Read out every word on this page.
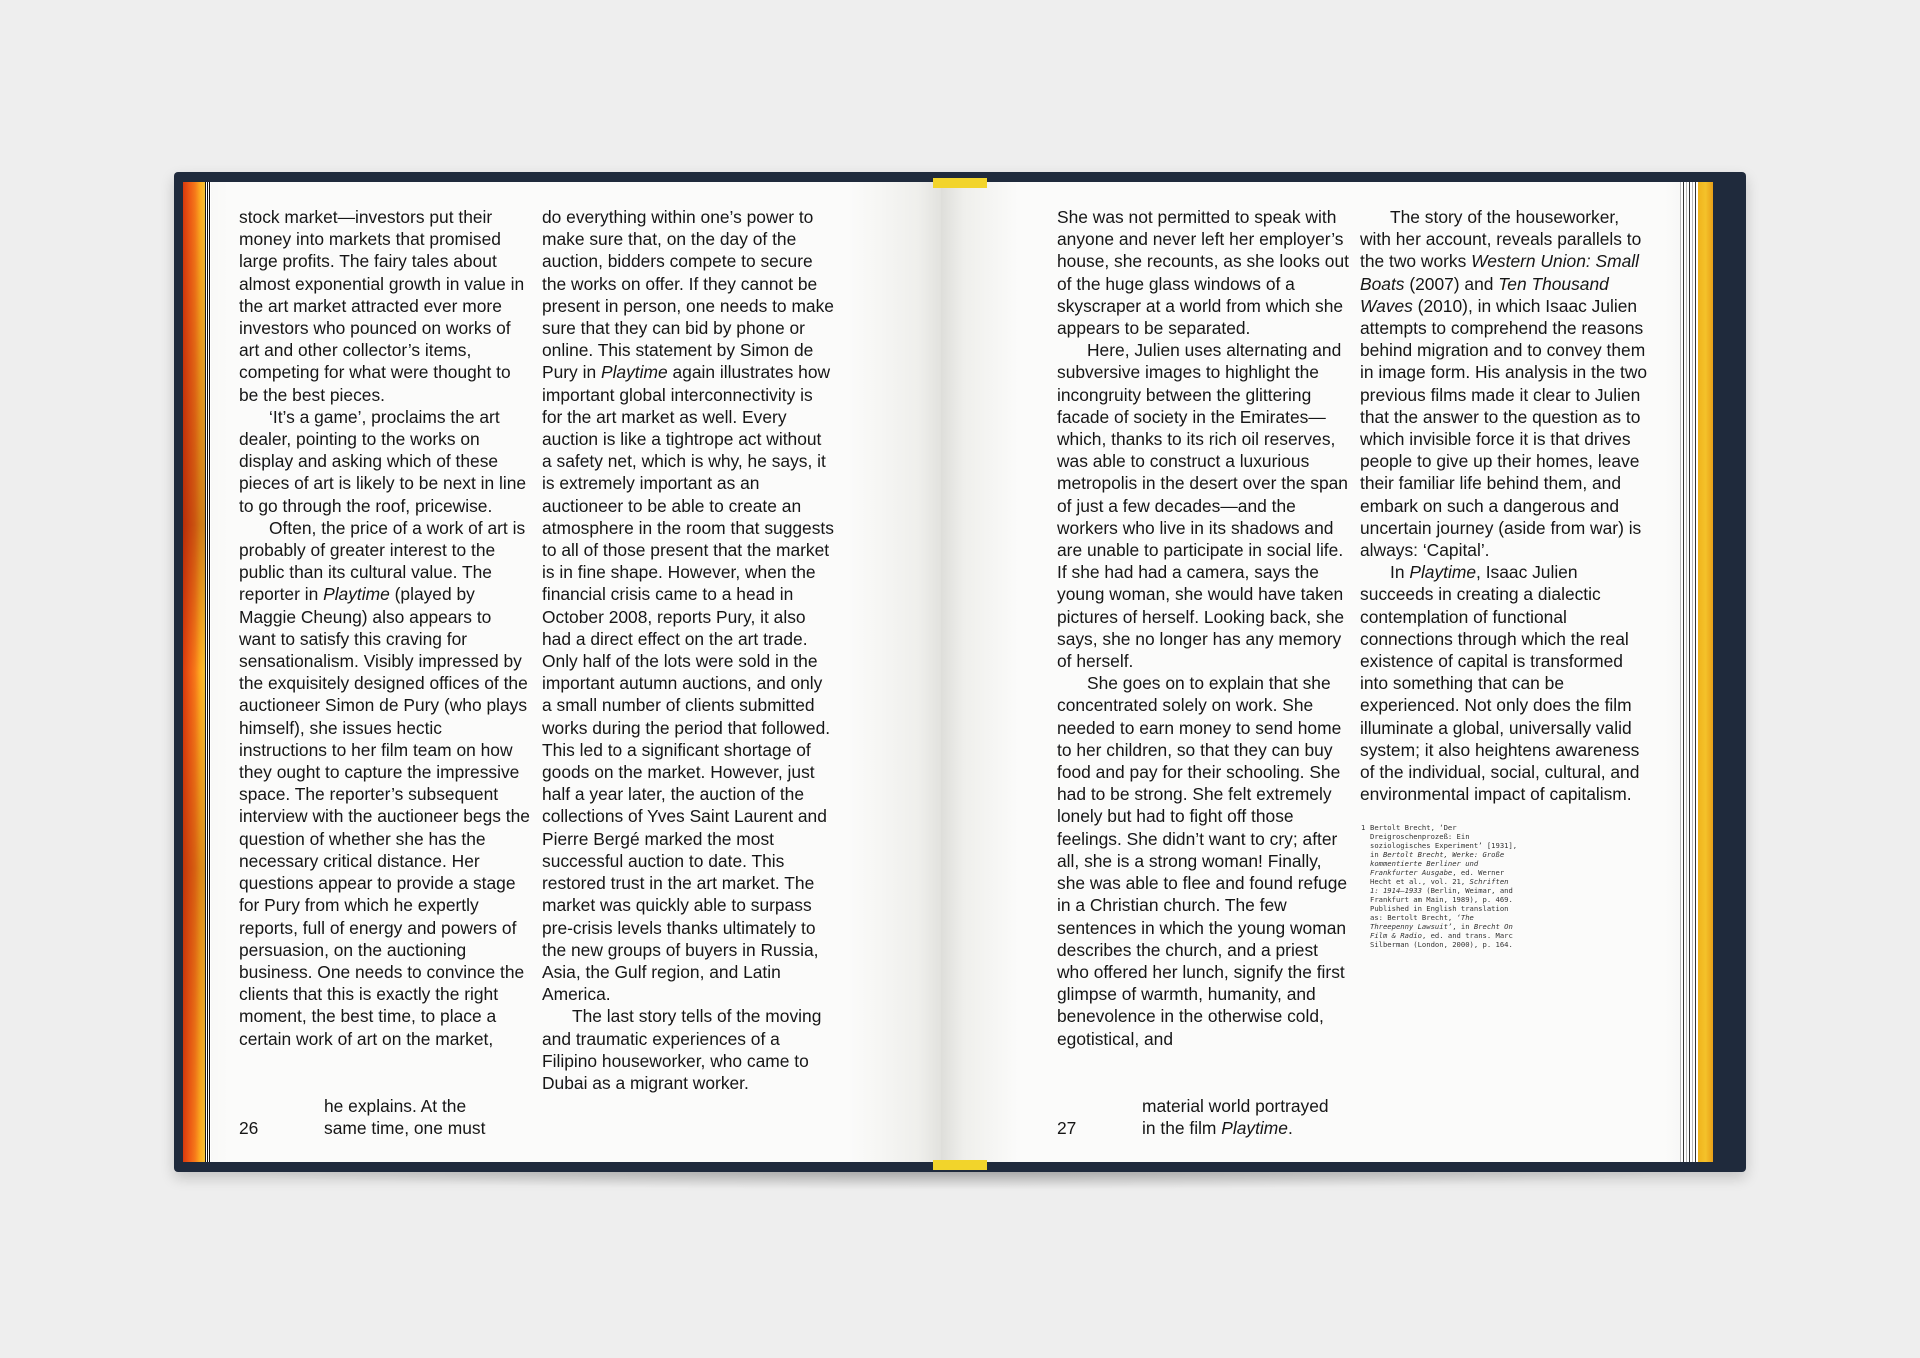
stock market—investors put their money into markets that promised large profits. The fairy tales about almost exponential growth in value in the art market attracted ever more investors who pounced on works of art and other collector’s items, competing for what were thought to be the best pieces.

‘It’s a game’, proclaims the art dealer, pointing to the works on display and asking which of these pieces of art is likely to be next in line to go through the roof, pricewise.

Often, the price of a work of art is probably of greater interest to the public than its cultural value. The reporter in Playtime (played by Maggie Cheung) also appears to want to satisfy this craving for sensationalism. Visibly impressed by the exquisitely designed offices of the auctioneer Simon de Pury (who plays himself), she issues hectic instructions to her film team on how they ought to capture the impressive space. The reporter’s subsequent interview with the auctioneer begs the question of whether she has the necessary critical distance. Her questions appear to provide a stage for Pury from which he expertly reports, full of energy and powers of persuasion, on the auctioning business. One needs to convince the clients that this is exactly the right moment, the best time, to place a certain work of art on the market,

he explains. At the
same time, one must
26

do everything within one’s power to make sure that, on the day of the auction, bidders compete to secure the works on offer. If they cannot be present in person, one needs to make sure that they can bid by phone or online. This statement by Simon de Pury in Playtime again illustrates how important global interconnectivity is for the art market as well. Every auction is like a tightrope act without a safety net, which is why, he says, it is extremely important as an auctioneer to be able to create an atmosphere in the room that suggests to all of those present that the market is in fine shape. However, when the financial crisis came to a head in October 2008, reports Pury, it also had a direct effect on the art trade. Only half of the lots were sold in the important autumn auctions, and only a small number of clients submitted works during the period that followed. This led to a significant shortage of goods on the market. However, just half a year later, the auction of the collections of Yves Saint Laurent and Pierre Bergé marked the most successful auction to date. This restored trust in the art market. The market was quickly able to surpass pre-crisis levels thanks ultimately to the new groups of buyers in Russia, Asia, the Gulf region, and Latin America.

The last story tells of the moving and traumatic experiences of a Filipino houseworker, who came to Dubai as a migrant worker.

She was not permitted to speak with anyone and never left her employer’s house, she recounts, as she looks out of the huge glass windows of a skyscraper at a world from which she appears to be separated.

Here, Julien uses alternating and subversive images to highlight the incongruity between the glittering facade of society in the Emirates—which, thanks to its rich oil reserves, was able to construct a luxurious metropolis in the desert over the span of just a few decades—and the workers who live in its shadows and are unable to participate in social life. If she had had a camera, says the young woman, she would have taken pictures of herself. Looking back, she says, she no longer has any memory of herself.

She goes on to explain that she concentrated solely on work. She needed to earn money to send home to her children, so that they can buy food and pay for their schooling. She had to be strong. She felt extremely lonely but had to fight off those feelings. She didn’t want to cry; after all, she is a strong woman! Finally, she was able to flee and found refuge in a Christian church. The few sentences in which the young woman describes the church, and a priest who offered her lunch, signify the first glimpse of warmth, humanity, and benevolence in the otherwise cold, egotistical, and

material world portrayed
in the film Playtime.
27

The story of the houseworker, with her account, reveals parallels to the two works Western Union: Small Boats (2007) and Ten Thousand Waves (2010), in which Isaac Julien attempts to comprehend the reasons behind migration and to convey them in image form. His analysis in the two previous films made it clear to Julien that the answer to the question as to which invisible force it is that drives people to give up their homes, leave their familiar life behind them, and embark on such a dangerous and uncertain journey (aside from war) is always: ‘Capital’.

In Playtime, Isaac Julien succeeds in creating a dialectic contemplation of functional connections through which the real existence of capital is transformed into something that can be experienced. Not only does the film illuminate a global, universally valid system; it also heightens awareness of the individual, social, cultural, and environmental impact of capitalism.

1 Bertolt Brecht, ‘Der Dreigroschenprozeß: Ein soziologisches Experiment’ [1931], in Bertolt Brecht, Werke: Große kommentierte Berliner und Frankfurter Ausgabe, ed. Werner Hecht et al., vol. 21, Schriften 1: 1914–1933 (Berlin, Weimar, and Frankfurt am Main, 1989), p. 469. Published in English translation as: Bertolt Brecht, ‘The Threepenny Lawsuit’, in Brecht On Film & Radio, ed. and trans. Marc Silberman (London, 2000), p. 164.
